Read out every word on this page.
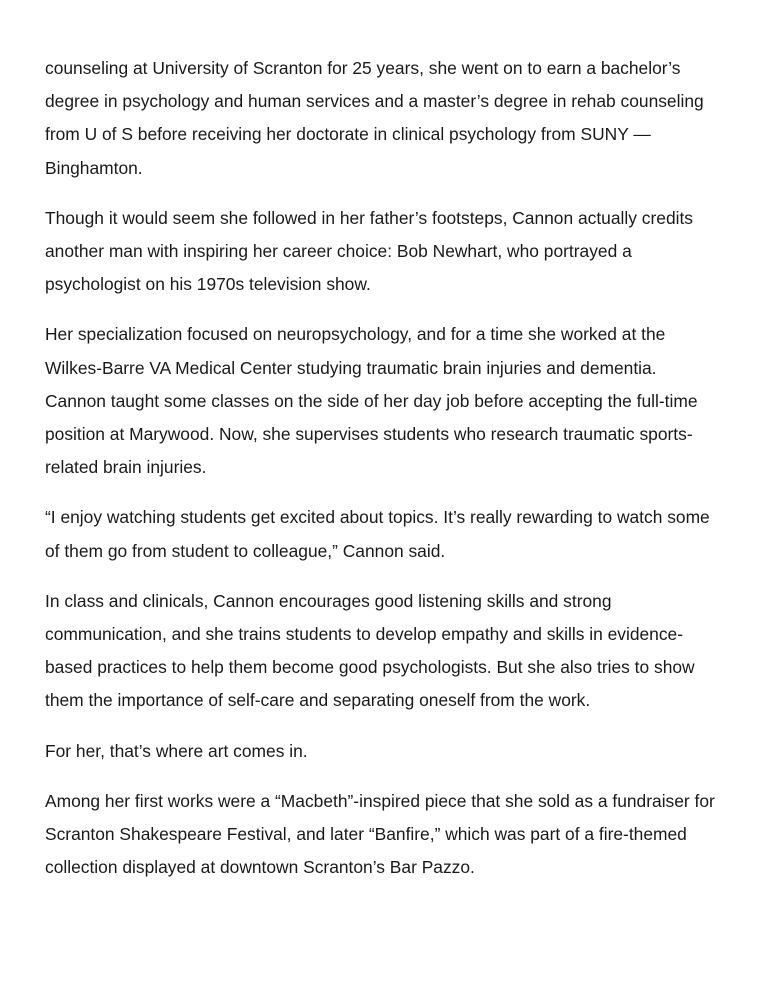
counseling at University of Scranton for 25 years, she went on to earn a bachelor’s
degree in psychology and human services and a master’s degree in rehab counseling
from U of S before receiving her doctorate in clinical psychology from SUNY —
Binghamton.

Though it would seem she followed in her father’s footsteps, Cannon actually credits
another man with inspiring her career choice: Bob Newhart, who portrayed a
psychologist on his 1970s television show.

Her specialization focused on neuropsychology, and for a time she worked at the
Wilkes-Barre VA Medical Center studying traumatic brain injuries and dementia.
Cannon taught some classes on the side of her day job before accepting the full-time
position at Marywood. Now, she supervises students who research traumatic sports-
related brain injuries.

“I enjoy watching students get excited about topics. It’s really rewarding to watch some
of them go from student to colleague,” Cannon said.

In class and clinicals, Cannon encourages good listening skills and strong
communication, and she trains students to develop empathy and skills in evidence-
based practices to help them become good psychologists. But she also tries to show
them the importance of self-care and separating oneself from the work.

For her, that’s where art comes in.

Among her first works were a “Macbeth”-inspired piece that she sold as a fundraiser for
Scranton Shakespeare Festival, and later “Banfire,” which was part of a fire-themed
collection displayed at downtown Scranton’s Bar Pazzo.
